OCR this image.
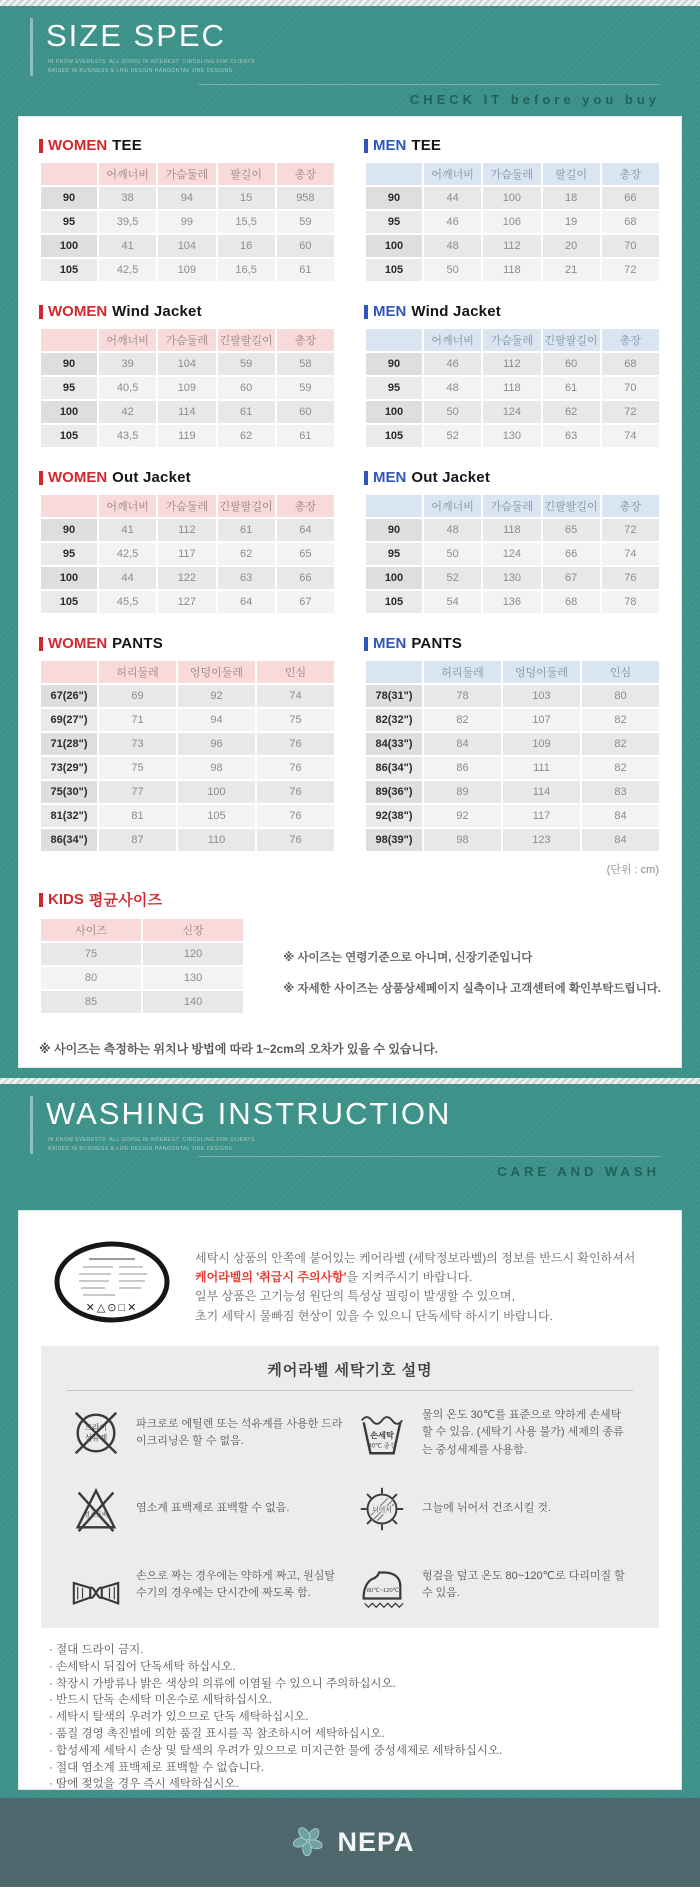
SIZE SPEC
IN KNOW EVERESTS 'ALL GOING IN INTEREST' CIRCULING FOR CLIENTS
RAISED IN BUSINESS & LIFE DESIGN HANGONTAL JIRE DESIGNS
CHECK IT before you buy
WOMEN TEE
	어깨너비	가슴둘레	팔길이	총장
90	38	94	15	958
95	39,5	99	15,5	59
100	41	104	16	60
105	42,5	109	16,5	61
MEN TEE
	어깨너비	가슴둘레	팔길이	총장
90	44	100	18	66
95	46	106	19	68
100	48	112	20	70
105	50	118	21	72
WOMEN Wind Jacket
	어깨너비	가슴둘레	긴팔팔길이	총장
90	39	104	59	58
95	40,5	109	60	59
100	42	114	61	60
105	43,5	119	62	61
MEN Wind Jacket
	어깨너비	가슴둘레	긴팔팔길이	총장
90	46	112	60	68
95	48	118	61	70
100	50	124	62	72
105	52	130	63	74
WOMEN Out Jacket
	어깨너비	가슴둘레	긴팔팔길이	총장
90	41	112	61	64
95	42,5	117	62	65
100	44	122	63	66
105	45,5	127	64	67
MEN Out Jacket
	어깨너비	가슴둘레	긴팔팔길이	총장
90	48	118	65	72
95	50	124	66	74
100	52	130	67	76
105	54	136	68	78
WOMEN PANTS
	허리둘레	엉덩이둘레	인심
67(26")	69	92	74
69(27")	71	94	75
71(28")	73	96	76
73(29")	75	98	76
75(30")	77	100	76
81(32")	81	105	76
86(34")	87	110	76
MEN PANTS
	허리둘레	엉덩이둘레	인심
78(31")	78	103	80
82(32")	82	107	82
84(33")	84	109	82
86(34")	86	111	82
89(36")	89	114	83
92(38")	92	117	84
98(39")	98	123	84
(단위 : cm)
KIDS 평균사이즈
사이즈	신장
75	120
80	130
85	140
※ 사이즈는 연령기준으로 아니며, 신장기준입니다
※ 자세한 사이즈는 상품상세페이지 실측이나 고객센터에 확인부탁드립니다.
※ 사이즈는 측정하는 위치나 방법에 따라 1~2cm의 오차가 있을 수 있습니다.
WASHING INSTRUCTION
IN KNOW EVERESTS 'ALL GOING IN INTEREST' CIRCULING FOR CLIENTS
RAISED IN BUSINESS & LIFE DESIGN HANGONTAL JIRE DESIGNS
CARE AND WASH
✕△⊙□✕
세탁시 상품의 안쪽에 붙어있는 케어라벨 (세탁정보라벨)의 정보를 반드시 확인하셔서
케어라벨의 '취급시 주의사항'을 지켜주시기 바랍니다.
일부 상품은 고기능성 원단의 특성상 필링이 발생할 수 있으며,
초기 세탁시 물빠짐 현상이 있을 수 있으니 단독세탁 하시기 바랍니다.
케어라벨 세탁기호 설명
드라이
석유계
파크로로 에틸렌 또는 석유계를 사용한 드라이크리닝은 할 수 없음.	손세탁
30℃ 중성
물의 온도 30℃를 표준으로 약하게 손세탁 할 수 있음. (세탁기 사용 불가) 세제의 종류는 중성세제를 사용함.
염소표백
염소계 표백제로 표백할 수 없음.	뉘어서	그늘에 뉘어서 건조시킬 것.
손으로 짜는 경우에는 약하게 짜고, 원심탈수기의 경우에는 단시간에 짜도록 함.	80℃~120℃
헝겊을 덮고 온도 80~120℃로 다리미질 할 수 있음.
· 절대 드라이 금지.
· 손세탁시 뒤집어 단독세탁 하십시오.
· 착장시 가방류나 밝은 색상의 의류에 이염될 수 있으니 주의하십시오.
· 반드시 단독 손세탁 미온수로 세탁하십시오.
· 세탁시 탈색의 우려가 있으므로 단독 세탁하십시오.
· 품질 경영 촉진법에 의한 품질 표시를 꼭 참조하시어 세탁하십시오.
· 합성세제 세탁시 손상 및 탈색의 우려가 있으므로 미지근한 물에 중성세제로 세탁하십시오.
· 절대 염소계 표백제로 표백할 수 없습니다.
· 땀에 젖었을 경우 즉시 세탁하십시오.
NEPA
